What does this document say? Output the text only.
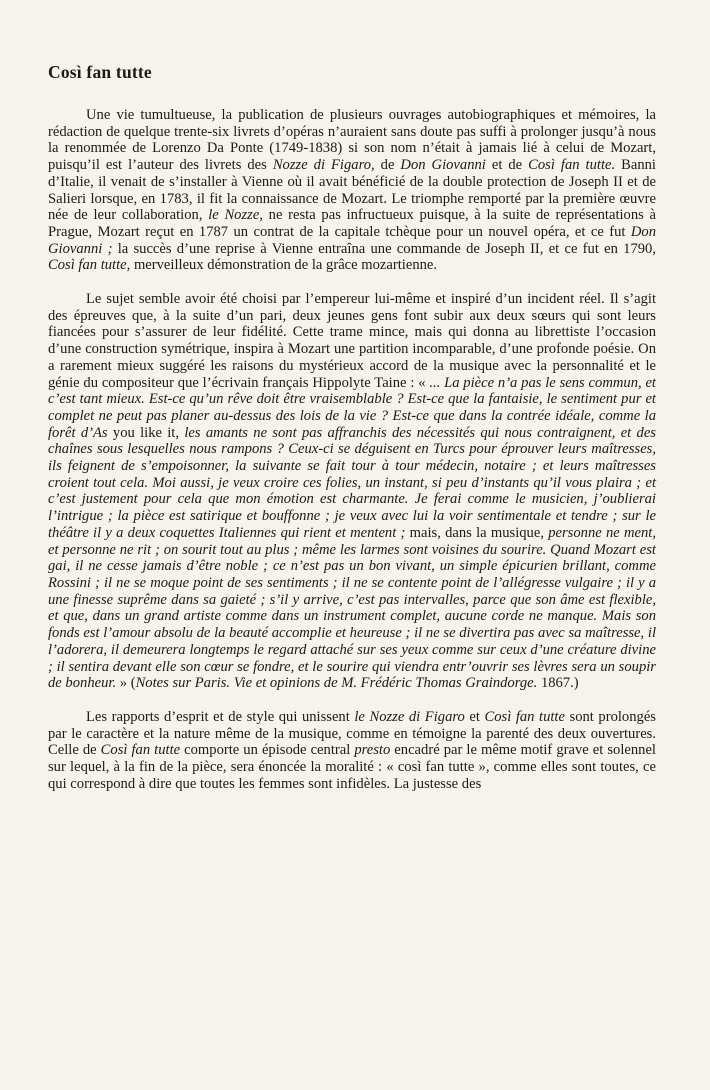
Così fan tutte

Une vie tumultueuse, la publication de plusieurs ouvrages autobiographiques et mémoires, la rédaction de quelque trente-six livrets d’opéras n’auraient sans doute pas suffi à prolonger jusqu’à nous la renommée de Lorenzo Da Ponte (1749-1838) si son nom n’était à jamais lié à celui de Mozart, puisqu’il est l’auteur des livrets des Nozze di Figaro, de Don Giovanni et de Così fan tutte. Banni d’Italie, il venait de s’installer à Vienne où il avait bénéficié de la double protection de Joseph II et de Salieri lorsque, en 1783, il fit la connaissance de Mozart. Le triomphe remporté par la première œuvre née de leur collaboration, le Nozze, ne resta pas infructueux puisque, à la suite de représentations à Prague, Mozart reçut en 1787 un contrat de la capitale tchèque pour un nouvel opéra, et ce fut Don Giovanni ; la succès d’une reprise à Vienne entraîna une commande de Joseph II, et ce fut en 1790, Così fan tutte, merveilleux démonstration de la grâce mozartienne.

Le sujet semble avoir été choisi par l’empereur lui-même et inspiré d’un incident réel. Il s’agit des épreuves que, à la suite d’un pari, deux jeunes gens font subir aux deux sœurs qui sont leurs fiancées pour s’assurer de leur fidélité. Cette trame mince, mais qui donna au librettiste l’occasion d’une construction symétrique, inspira à Mozart une partition incomparable, d’une profonde poésie. On a rarement mieux suggéré les raisons du mystérieux accord de la musique avec la personnalité et le génie du compositeur que l’écrivain français Hippolyte Taine : « ... La pièce n’a pas le sens commun, et c’est tant mieux. Est-ce qu’un rêve doit être vraisemblable ? Est-ce que la fantaisie, le sentiment pur et complet ne peut pas planer au-dessus des lois de la vie ? Est-ce que dans la contrée idéale, comme la forêt d’As you like it, les amants ne sont pas affranchis des nécessités qui nous contraignent, et des chaînes sous lesquelles nous rampons ? Ceux-ci se déguisent en Turcs pour éprouver leurs maîtresses, ils feignent de s’empoisonner, la suivante se fait tour à tour médecin, notaire ; et leurs maîtresses croient tout cela. Moi aussi, je veux croire ces folies, un instant, si peu d’instants qu’il vous plaira ; et c’est justement pour cela que mon émotion est charmante. Je ferai comme le musicien, j’oublierai l’intrigue ; la pièce est satirique et bouffonne ; je veux avec lui la voir sentimentale et tendre ; sur le théâtre il y a deux coquettes Italiennes qui rient et mentent ; mais, dans la musique, personne ne ment, et personne ne rit ; on sourit tout au plus ; même les larmes sont voisines du sourire. Quand Mozart est gai, il ne cesse jamais d’être noble ; ce n’est pas un bon vivant, un simple épicurien brillant, comme Rossini ; il ne se moque point de ses sentiments ; il ne se contente point de l’allégresse vulgaire ; il y a une finesse suprême dans sa gaieté ; s’il y arrive, c’est pas intervalles, parce que son âme est flexible, et que, dans un grand artiste comme dans un instrument complet, aucune corde ne manque. Mais son fonds est l’amour absolu de la beauté accomplie et heureuse ; il ne se divertira pas avec sa maîtresse, il l’adorera, il demeurera longtemps le regard attaché sur ses yeux comme sur ceux d’une créature divine ; il sentira devant elle son cœur se fondre, et le sourire qui viendra entr’ouvrir ses lèvres sera un soupir de bonheur. » (Notes sur Paris. Vie et opinions de M. Frédéric Thomas Graindorge. 1867.)

Les rapports d’esprit et de style qui unissent le Nozze di Figaro et Così fan tutte sont prolongés par le caractère et la nature même de la musique, comme en témoigne la parenté des deux ouvertures. Celle de Così fan tutte comporte un épisode central presto encadré par le même motif grave et solennel sur lequel, à la fin de la pièce, sera énoncée la moralité : « così fan tutte », comme elles sont toutes, ce qui correspond à dire que toutes les femmes sont infidèles. La justesse des
